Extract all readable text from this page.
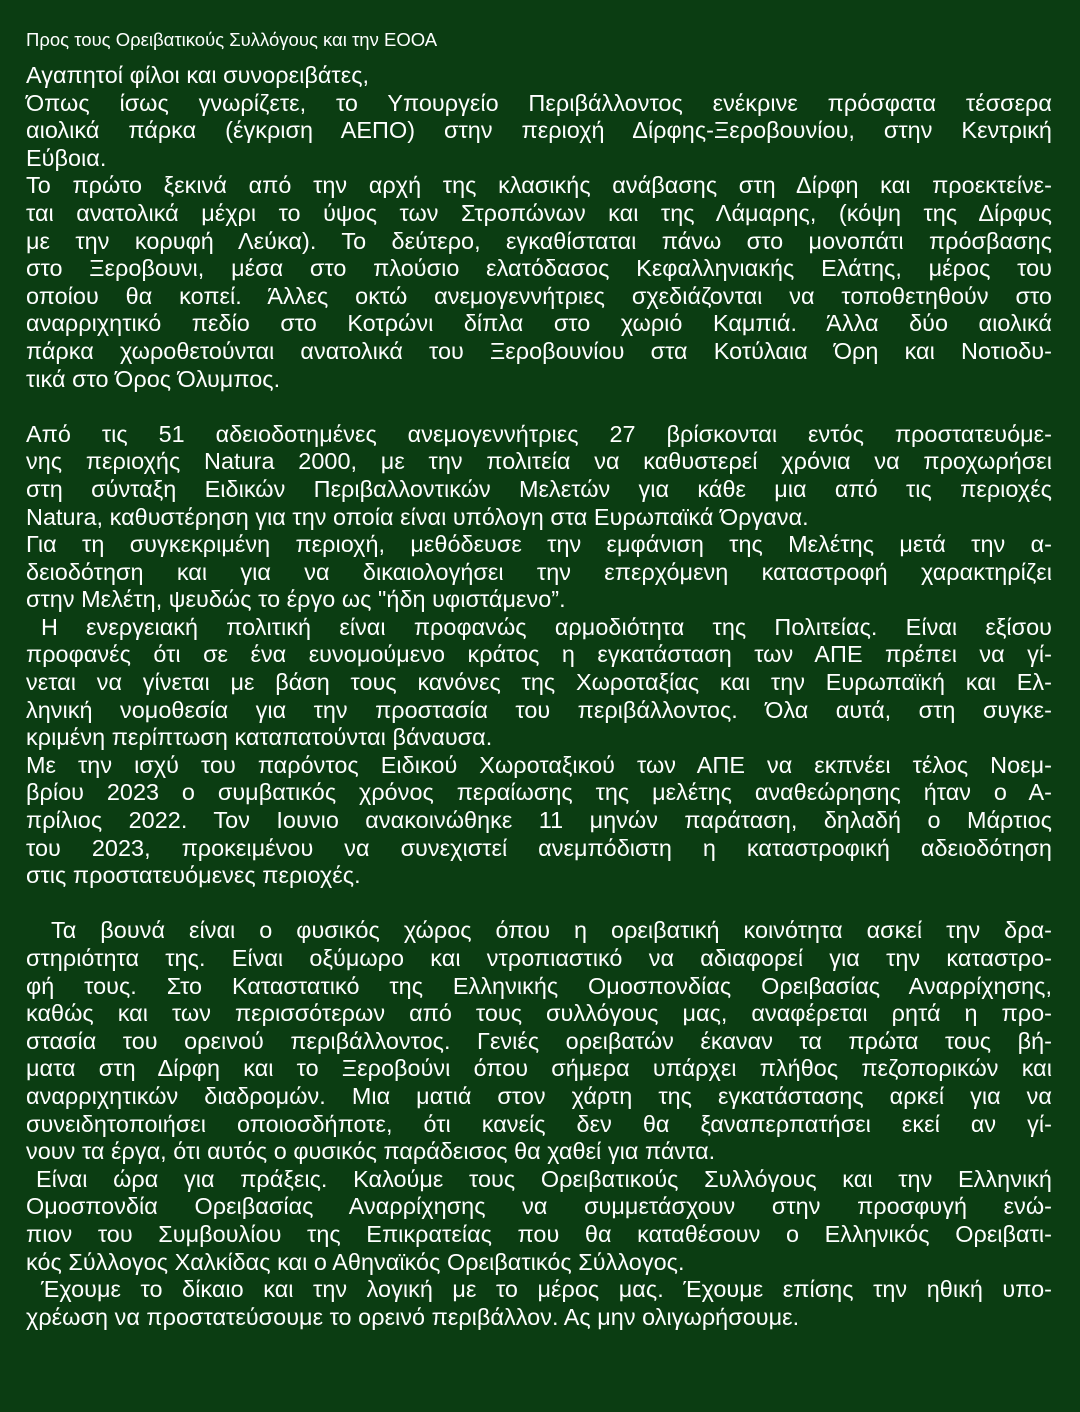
Προς τους Ορειβατικούς Συλλόγους και την ΕΟΟΑ
Αγαπητοί φίλοι και συνορειβάτες,
Όπως ίσως γνωρίζετε, το Υπουργείο Περιβάλλοντος ενέκρινε πρόσφατα τέσσερα
αιολικά πάρκα (έγκριση ΑΕΠΟ) στην περιοχή Δίρφης-Ξεροβουνίου, στην Κεντρική
Εύβοια.
Το πρώτο ξεκινά από την αρχή της κλασικής ανάβασης στη Δίρφη και προεκτείνε-
ται ανατολικά μέχρι το ύψος των Στροπώνων και της Λάμαρης, (κόψη της Δίρφυς
με την κορυφή Λεύκα). Το δεύτερο, εγκαθίσταται πάνω στο μονοπάτι πρόσβασης
στο Ξεροβουνι, μέσα στο πλούσιο ελατόδασος Κεφαλληνιακής Ελάτης, μέρος του
οποίου θα κοπεί. Άλλες οκτώ ανεμογεννήτριες σχεδιάζονται να τοποθετηθούν στο
αναρριχητικό πεδίο στο Κοτρώνι δίπλα στο χωριό Καμπιά. Άλλα δύο αιολικά
πάρκα χωροθετούνται ανατολικά του Ξεροβουνίου στα Κοτύλαια Όρη και Νοτιοδυ-
τικά στο Όρος Όλυμπος.
Από τις 51 αδειοδοτημένες ανεμογεννήτριες 27 βρίσκονται εντός προστατευόμε-
νης περιοχής Natura 2000, με την πολιτεία να καθυστερεί χρόνια να προχωρήσει
στη σύνταξη Ειδικών Περιβαλλοντικών Μελετών για κάθε μια από τις περιοχές
Natura, καθυστέρηση για την οποία είναι υπόλογη στα Ευρωπαϊκά Όργανα.
Για τη συγκεκριμένη περιοχή, μεθόδευσε την εμφάνιση της Μελέτης μετά την α-
δειοδότηση και για να δικαιολογήσει την επερχόμενη καταστροφή χαρακτηρίζει
στην Μελέτη, ψευδώς το έργο ως "ήδη υφιστάμενο”.
Η ενεργειακή πολιτική είναι προφανώς αρμοδιότητα της Πολιτείας. Είναι εξίσου
προφανές ότι σε ένα ευνομούμενο κράτος η εγκατάσταση των ΑΠΕ πρέπει να γί-
νεται να γίνεται με βάση τους κανόνες της Χωροταξίας και την Ευρωπαϊκή και Ελ-
ληνική νομοθεσία για την προστασία του περιβάλλοντος. Όλα αυτά, στη συγκε-
κριμένη περίπτωση καταπατούνται βάναυσα.
Με την ισχύ του παρόντος Ειδικού Χωροταξικού των ΑΠΕ να εκπνέει τέλος Νοεμ-
βρίου 2023 ο συμβατικός χρόνος περαίωσης της μελέτης αναθεώρησης ήταν ο Α-
πρίλιος 2022. Τον Ιουνιο ανακοινώθηκε 11 μηνών παράταση, δηλαδή ο Μάρτιος
του 2023, προκειμένου να συνεχιστεί ανεμπόδιστη η καταστροφική αδειοδότηση
στις προστατευόμενες περιοχές.
Τα βουνά είναι ο φυσικός χώρος όπου η ορειβατική κοινότητα ασκεί την δρα-
στηριότητα της. Είναι οξύμωρο και ντροπιαστικό να αδιαφορεί για την καταστρο-
φή τους. Στο Καταστατικό της Ελληνικής Ομοσπονδίας Ορειβασίας Αναρρίχησης,
καθώς και των περισσότερων από τους συλλόγους μας, αναφέρεται ρητά η προ-
στασία του ορεινού περιβάλλοντος. Γενιές ορειβατών έκαναν τα πρώτα τους βή-
ματα στη Δίρφη και το Ξεροβούνι όπου σήμερα υπάρχει πλήθος πεζοπορικών και
αναρριχητικών διαδρομών. Μια ματιά στον χάρτη της εγκατάστασης αρκεί για να
συνειδητοποιήσει οποιοσδήποτε, ότι κανείς δεν θα ξαναπερπατήσει εκεί αν γί-
νουν τα έργα, ότι αυτός ο φυσικός παράδεισος θα χαθεί για πάντα.
Είναι ώρα για πράξεις. Καλούμε τους Ορειβατικούς Συλλόγους και την Ελληνική
Ομοσπονδία Ορειβασίας Αναρρίχησης να συμμετάσχουν στην προσφυγή ενώ-
πιον του Συμβουλίου της Επικρατείας που θα καταθέσουν ο Ελληνικός Ορειβατι-
κός Σύλλογος Χαλκίδας και ο Αθηναϊκός Ορειβατικός Σύλλογος.
Έχουμε το δίκαιο και την λογική με το μέρος μας. Έχουμε επίσης την ηθική υπο-
χρέωση να προστατεύσουμε το ορεινό περιβάλλον. Ας μην ολιγωρήσουμε.
